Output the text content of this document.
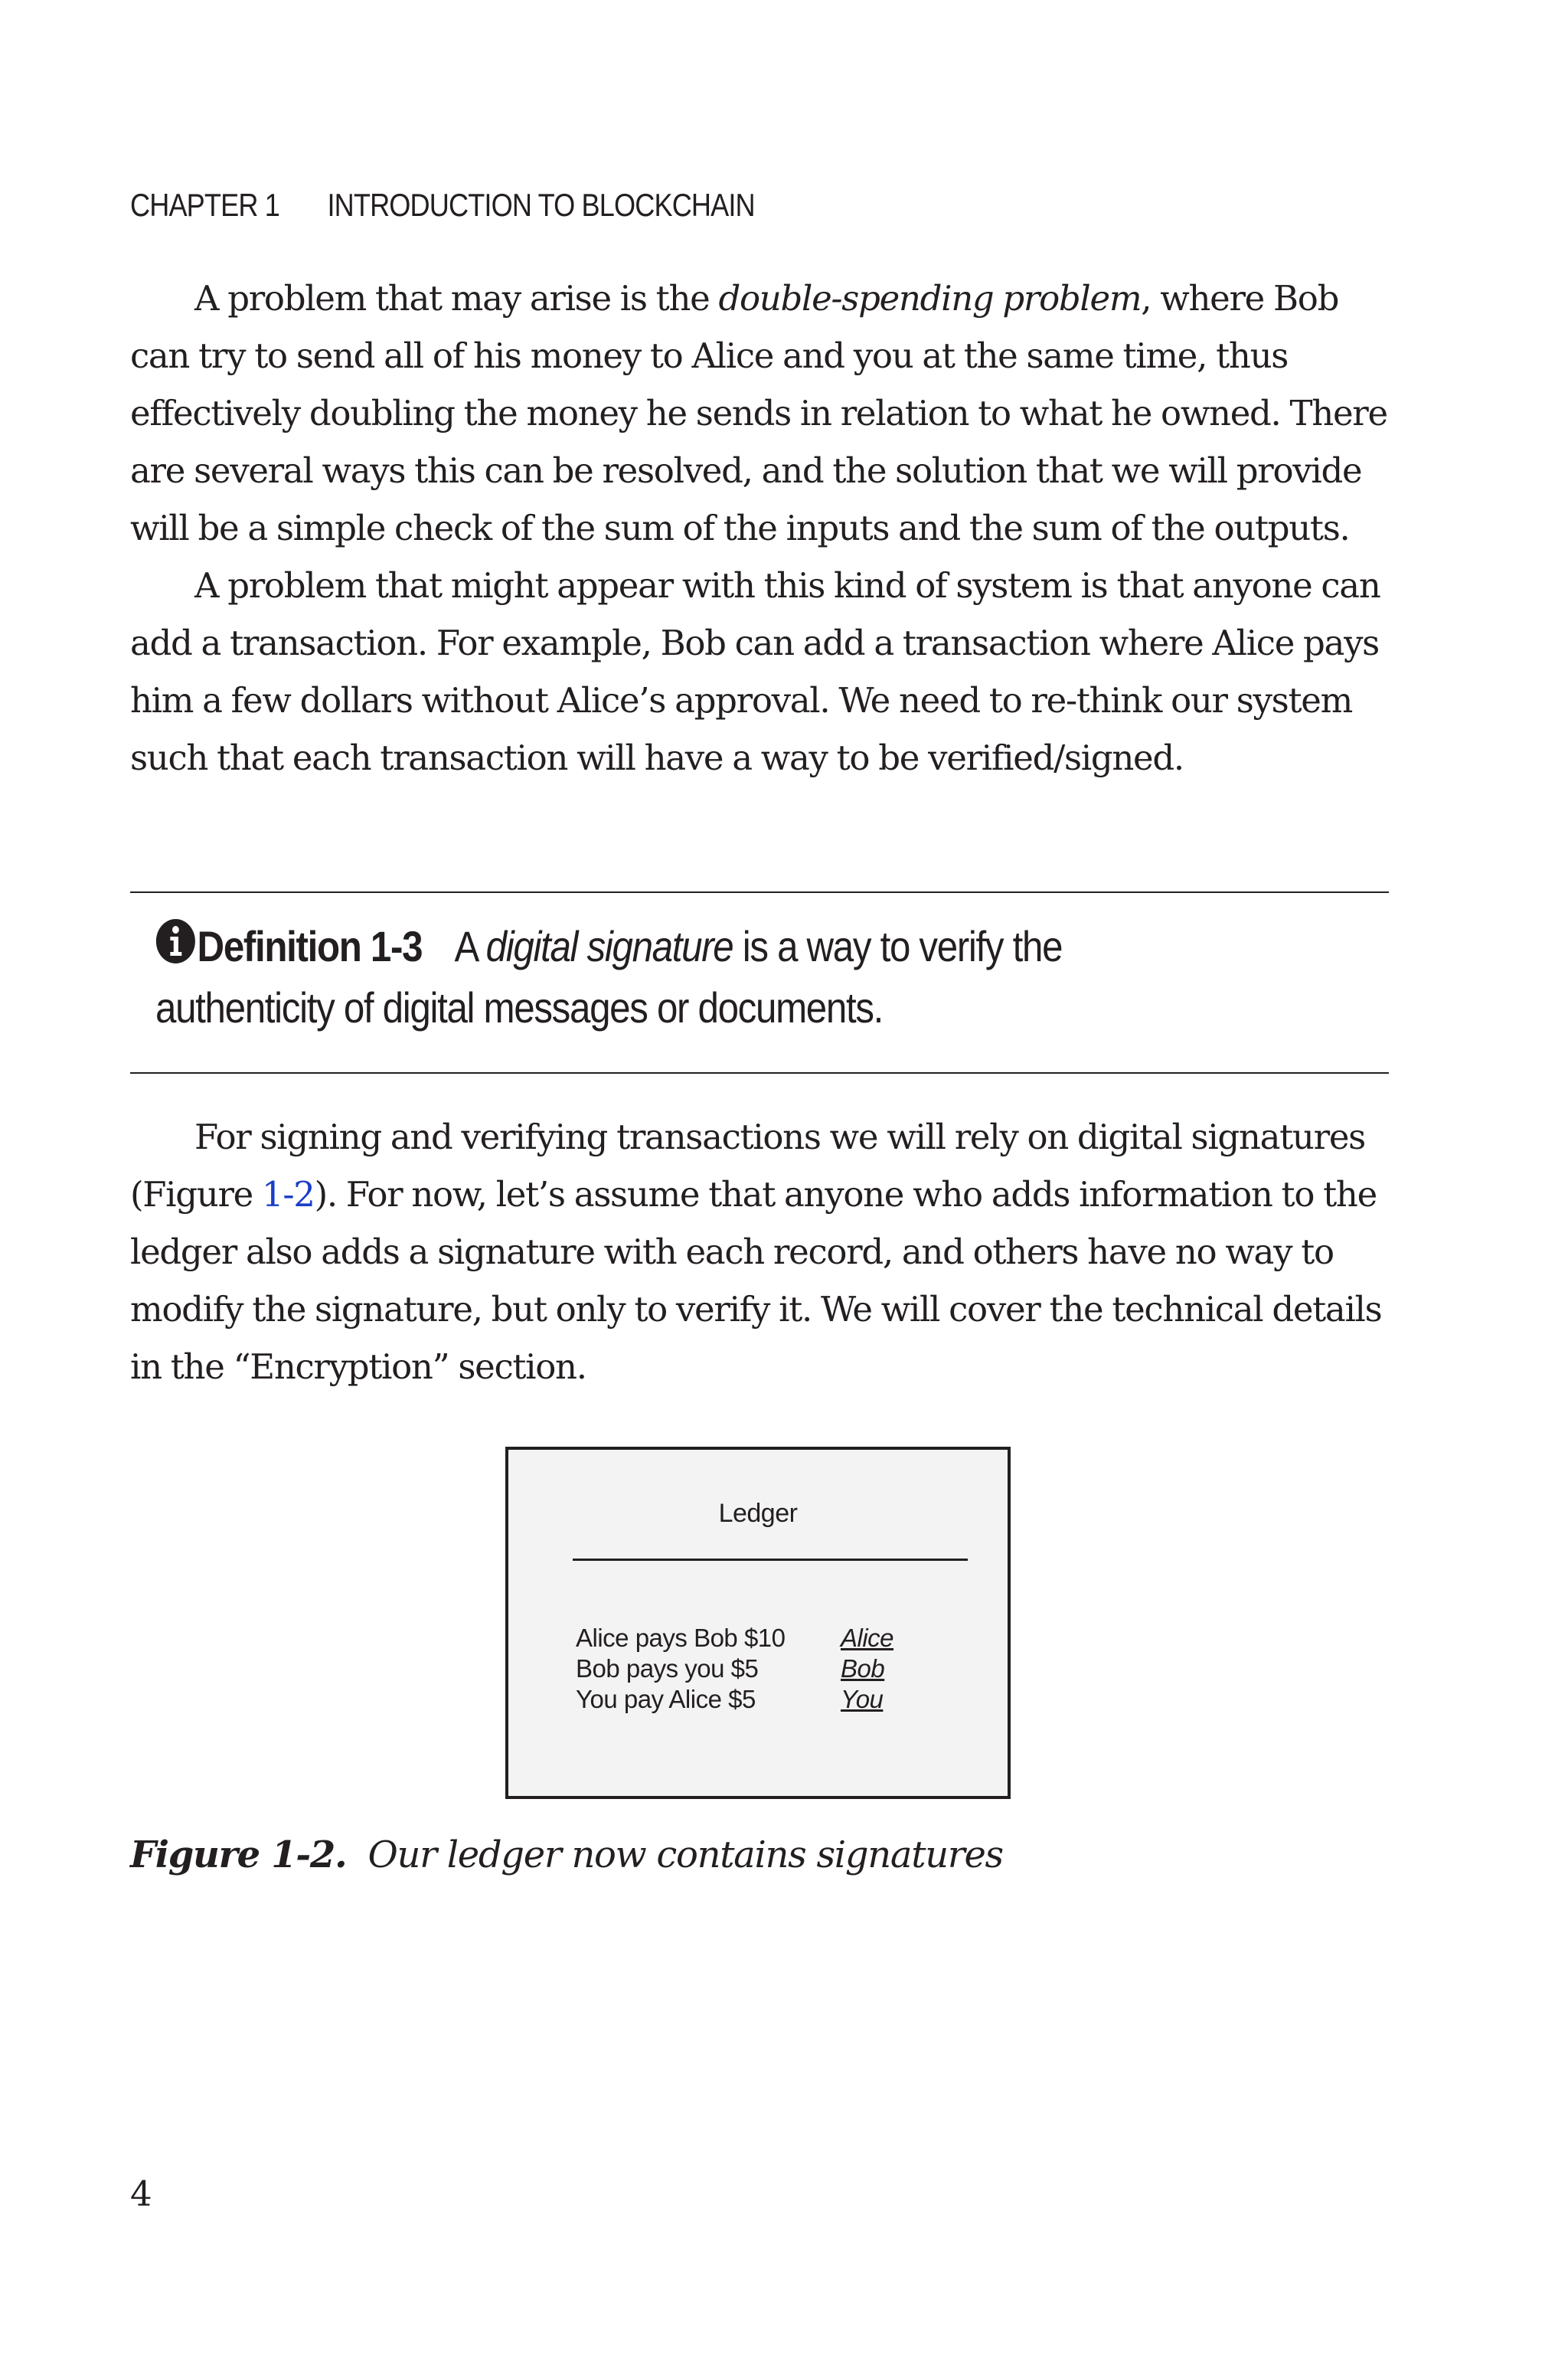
CHAPTER 1 INTRODUCTION TO BLOCKCHAIN

A problem that may arise is the double-spending problem, where Bob can try to send all of his money to Alice and you at the same time, thus effectively doubling the money he sends in relation to what he owned. There are several ways this can be resolved, and the solution that we will provide will be a simple check of the sum of the inputs and the sum of the outputs.

A problem that might appear with this kind of system is that anyone can add a transaction. For example, Bob can add a transaction where Alice pays him a few dollars without Alice’s approval. We need to re-think our system such that each transaction will have a way to be verified/signed.

Definition 1-3 A digital signature is a way to verify the authenticity of digital messages or documents.

For signing and verifying transactions we will rely on digital signatures (Figure 1-2). For now, let’s assume that anyone who adds information to the ledger also adds a signature with each record, and others have no way to modify the signature, but only to verify it. We will cover the technical details in the “Encryption” section.

Ledger
Alice pays Bob $10
Bob pays you $5
You pay Alice $5
Alice
Bob
You
Figure 1-2. Our ledger now contains signatures
4
